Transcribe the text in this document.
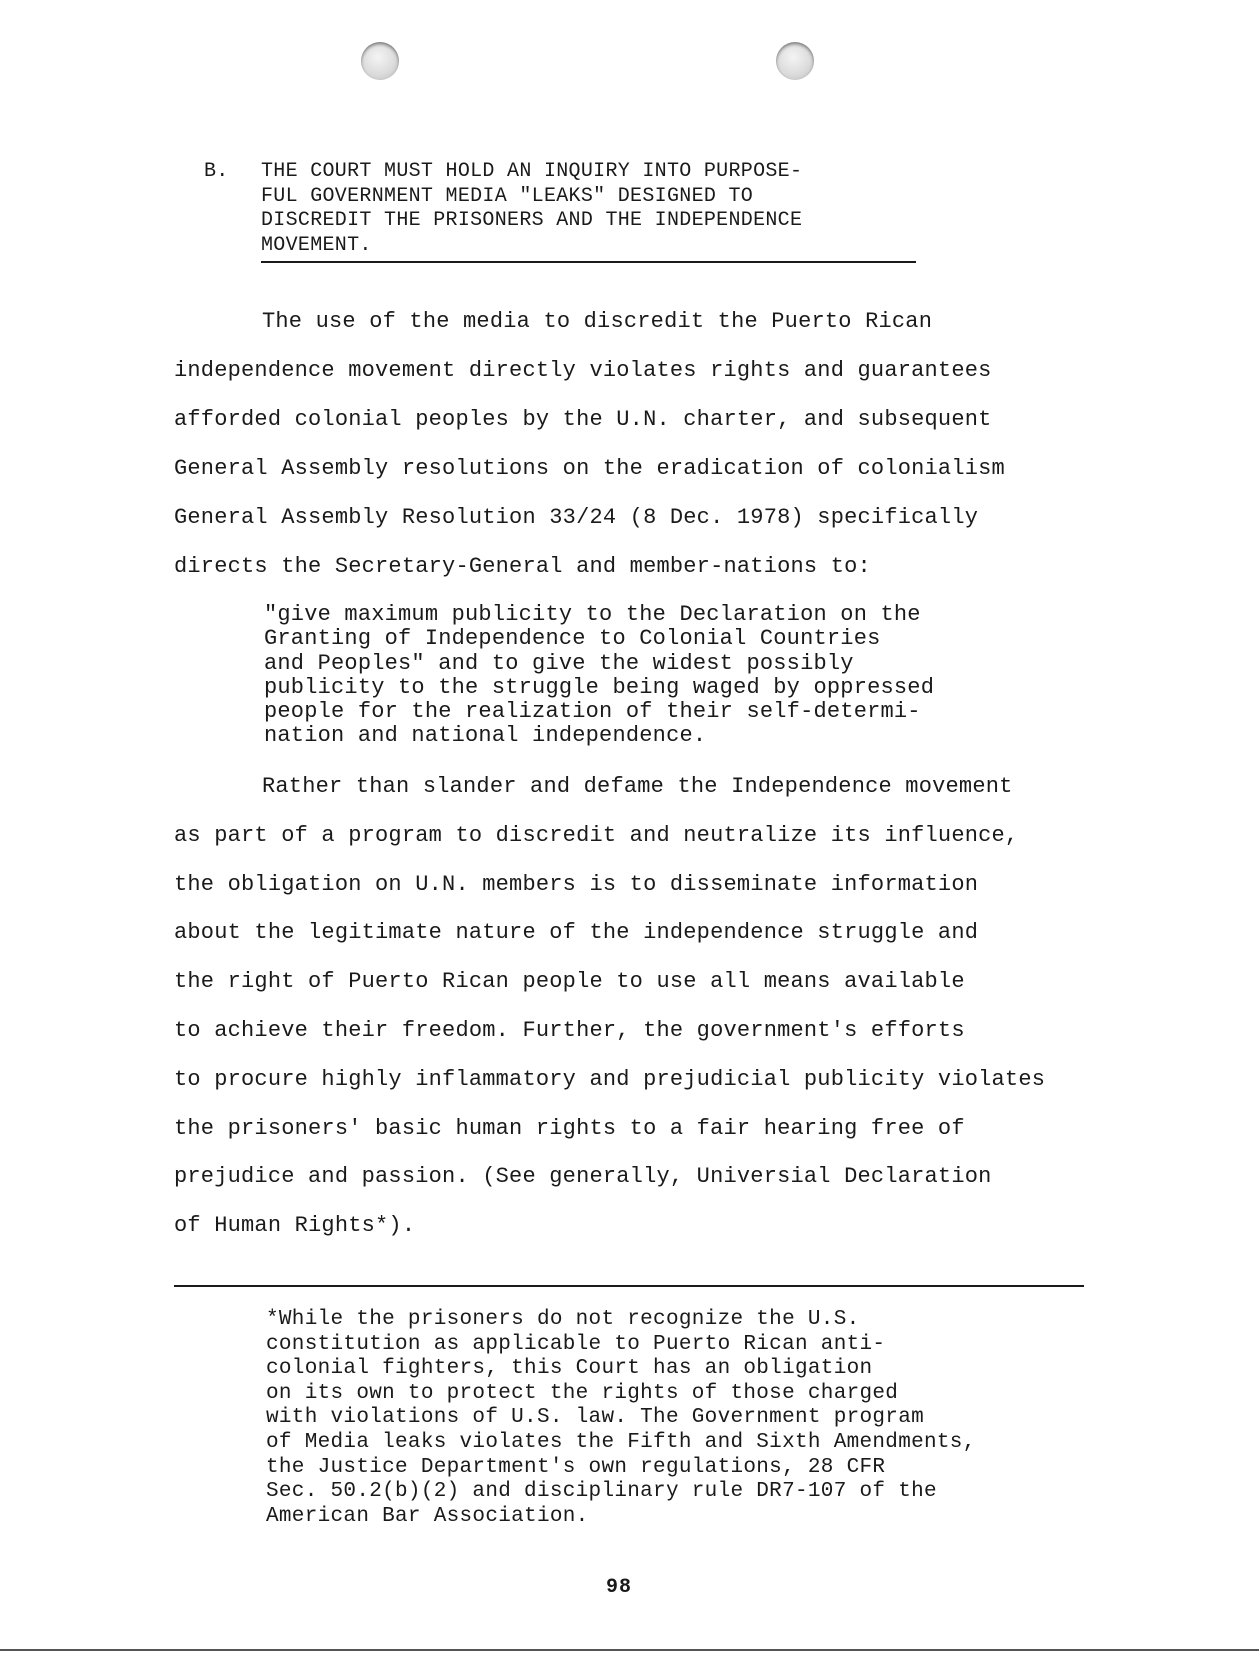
B. THE COURT MUST HOLD AN INQUIRY INTO PURPOSE-
FUL GOVERNMENT MEDIA "LEAKS" DESIGNED TO
DISCREDIT THE PRISONERS AND THE INDEPENDENCE
MOVEMENT.
The use of the media to discredit the Puerto Rican
independence movement directly violates rights and guarantees
afforded colonial peoples by the U.N. charter, and subsequent
General Assembly resolutions on the eradication of colonialism
General Assembly Resolution 33/24 (8 Dec. 1978) specifically
directs the Secretary-General and member-nations to:
"give maximum publicity to the Declaration on the
Granting of Independence to Colonial Countries
and Peoples" and to give the widest possibly
publicity to the struggle being waged by oppressed
people for the realization of their self-determi-
nation and national independence.
Rather than slander and defame the Independence movement
as part of a program to discredit and neutralize its influence,
the obligation on U.N. members is to disseminate information
about the legitimate nature of the independence struggle and
the right of Puerto Rican people to use all means available
to achieve their freedom. Further, the government's efforts
to procure highly inflammatory and prejudicial publicity violates
the prisoners' basic human rights to a fair hearing free of
prejudice and passion. (See generally, Universial Declaration
of Human Rights*).
*While the prisoners do not recognize the U.S.
constitution as applicable to Puerto Rican anti-
colonial fighters, this Court has an obligation
on its own to protect the rights of those charged
with violations of U.S. law. The Government program
of Media leaks violates the Fifth and Sixth Amendments,
the Justice Department's own regulations, 28 CFR
Sec. 50.2(b)(2) and disciplinary rule DR7-107 of the
American Bar Association.
98
